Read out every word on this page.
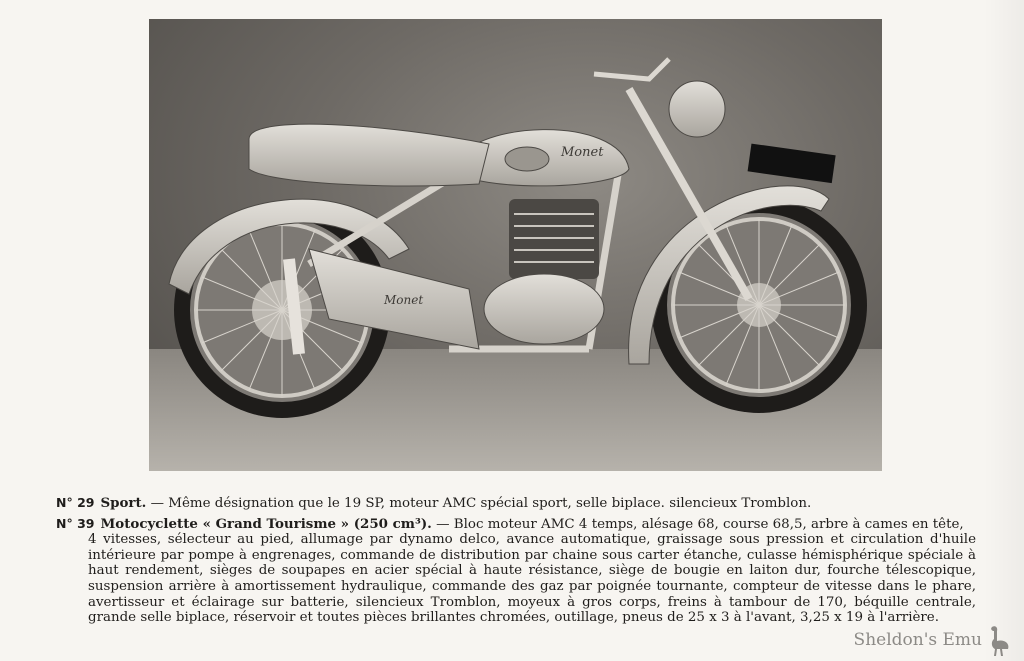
Monet
Monet

N° 29 Sport. — Même désignation que le 19 SP, moteur AMC spécial sport, selle biplace. silencieux Tromblon.

N° 39 Motocyclette « Grand Tourisme » (250 cm³). — Bloc moteur AMC 4 temps, alésage 68, course 68,5, arbre à cames en tête,
4 vitesses, sélecteur au pied, allumage par dynamo delco, avance automatique, graissage sous pression et circulation d'huile intérieure par pompe à engrenages, commande de distribution par chaine sous carter étanche, culasse hémisphérique spéciale à haut rendement, sièges de soupapes en acier spécial à haute résistance, siège de bougie en laiton dur, fourche télescopique, suspension arrière à amortissement hydraulique, commande des gaz par poignée tournante, compteur de vitesse dans le phare, avertisseur et éclairage sur batterie, silencieux Tromblon, moyeux à gros corps, freins à tambour de 170, béquille centrale, grande selle biplace, réservoir et toutes pièces brillantes chromées, outillage, pneus de 25 x 3 à l'avant, 3,25 x 19 à l'arrière.

Sheldon's Emu
